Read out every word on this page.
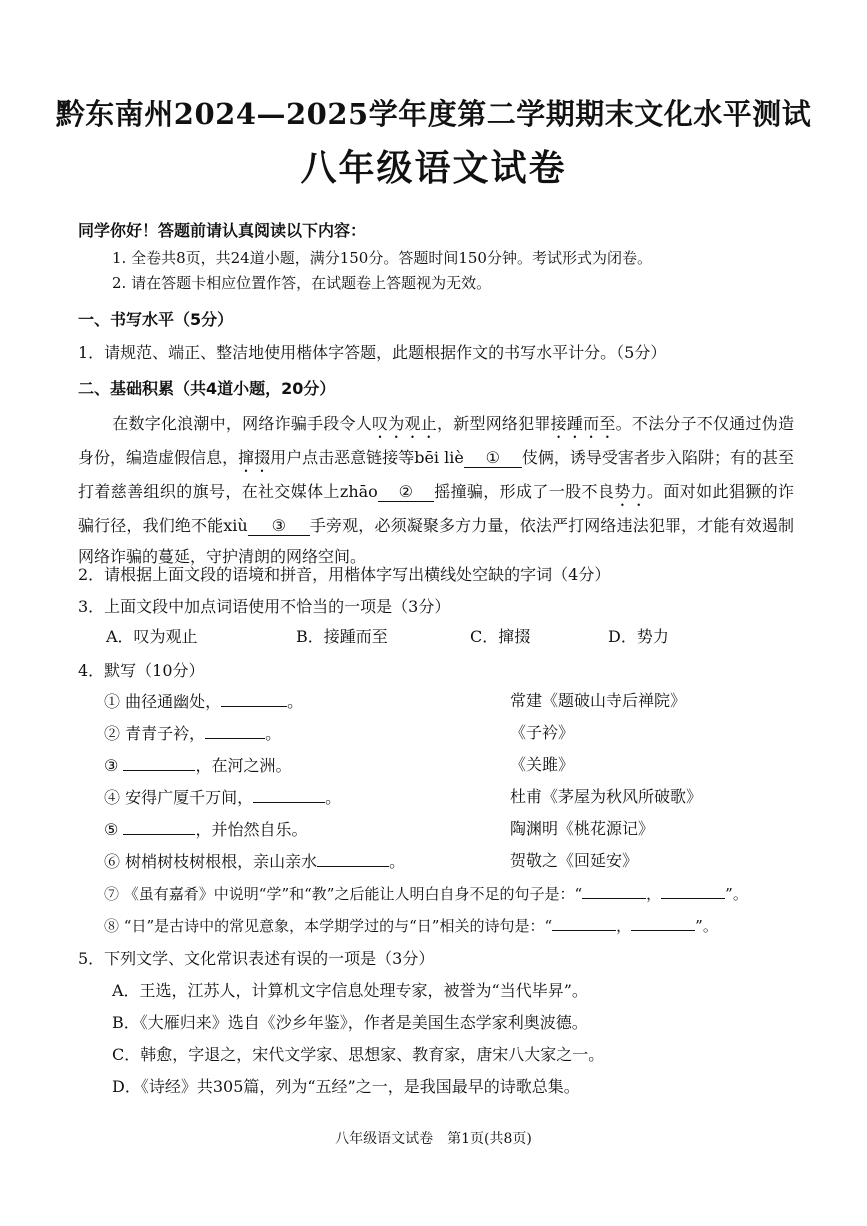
黔东南州2024—2025学年度第二学期期末文化水平测试
八年级语文试卷
同学你好！答题前请认真阅读以下内容：
1. 全卷共8页，共24道小题，满分150分。答题时间150分钟。考试形式为闭卷。
2. 请在答题卡相应位置作答，在试题卷上答题视为无效。
一、书写水平（5分）
1．请规范、端正、整洁地使用楷体字答题，此题根据作文的书写水平计分。（5分）
二、基础积累（共4道小题，20分）
在数字化浪潮中，网络诈骗手段令人叹为观止，新型网络犯罪接踵而至。不法分子不仅通过伪造身份，编造虚假信息，撺掇用户点击恶意链接等bēi liè ① 伎俩，诱导受害者步入陷阱；有的甚至打着慈善组织的旗号，在社交媒体上zhāo ② 摇撞骗，形成了一股不良势力。面对如此猖獗的诈骗行径，我们绝不能xiù ③ 手旁观，必须凝聚多方力量，依法严打网络违法犯罪，才能有效遏制网络诈骗的蔓延，守护清朗的网络空间。
2．请根据上面文段的语境和拼音，用楷体字写出横线处空缺的字词（4分）
3．上面文段中加点词语使用不恰当的一项是（3分）
A．叹为观止	B．接踵而至	C．撺掇	D．势力
4．默写（10分）
① 曲径通幽处，	。	常建《题破山寺后禅院》
② 青青子衿，	。	《子衿》
③	，在河之洲。	《关雎》
④ 安得广厦千万间，	。	杜甫《茅屋为秋风所破歌》
⑤	，并怡然自乐。	陶渊明《桃花源记》
⑥ 树梢树枝树根根，亲山亲水	。	贺敬之《回延安》
⑦ 《虽有嘉肴》中说明“学”和“教”之后能让人明白自身不足的句子是：“	，	”。
⑧ “日”是古诗中的常见意象，本学期学过的与“日”相关的诗句是：“	，	”。
5．下列文学、文化常识表述有误的一项是（3分）
A．王选，江苏人，计算机文字信息处理专家，被誉为“当代毕昇”。
B．《大雁归来》选自《沙乡年鉴》，作者是美国生态学家利奥波德。
C．韩愈，字退之，宋代文学家、思想家、教育家，唐宋八大家之一。
D．《诗经》共305篇，列为“五经”之一，是我国最早的诗歌总集。
八年级语文试卷　第1页(共8页)
